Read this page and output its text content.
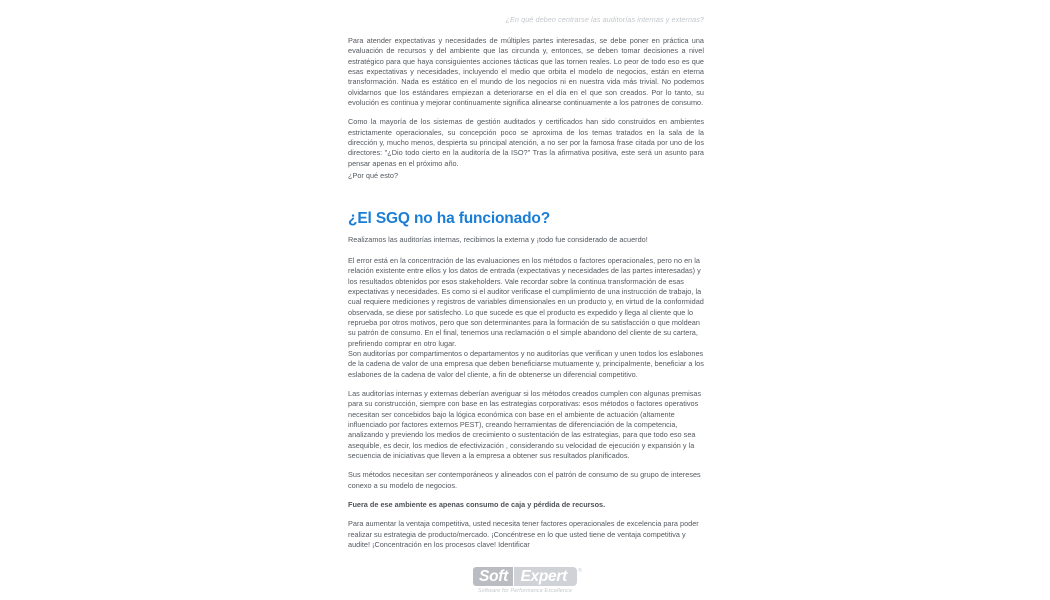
¿En qué deben centrarse las auditorías internas y externas?

Para atender expectativas y necesidades de múltiples partes interesadas, se debe poner en práctica una evaluación de recursos y del ambiente que las circunda y, entonces, se deben tomar decisiones a nivel estratégico para que haya consiguientes acciones tácticas que las tornen reales. Lo peor de todo eso es que esas expectativas y necesidades, incluyendo el medio que orbita el modelo de negocios, están en eterna transformación. Nada es estático en el mundo de los negocios ni en nuestra vida más trivial. No podemos olvidarnos que los estándares empiezan a deteriorarse en el día en el que son creados. Por lo tanto, su evolución es continua y mejorar continuamente significa alinearse continuamente a los patrones de consumo.

Como la mayoría de los sistemas de gestión auditados y certificados han sido construidos en ambientes estrictamente operacionales, su concepción poco se aproxima de los temas tratados en la sala de la dirección y, mucho menos, despierta su principal atención, a no ser por la famosa frase citada por uno de los directores: "¿Dio todo cierto en la auditoría de la ISO?" Tras la afirmativa positiva, este será un asunto para pensar apenas en el próximo año.

¿Por qué esto?

¿El SGQ no ha funcionado?

Realizamos las auditorías internas, recibimos la externa y ¡todo fue considerado de acuerdo!

El error está en la concentración de las evaluaciones en los métodos o factores operacionales, pero no en la relación existente entre ellos y los datos de entrada (expectativas y necesidades de las partes interesadas) y los resultados obtenidos por esos stakeholders. Vale recordar sobre la continua transformación de esas expectativas y necesidades. Es como si el auditor verificase el cumplimiento de una instrucción de trabajo, la cual requiere mediciones y registros de variables dimensionales en un producto y, en virtud de la conformidad observada, se diese por satisfecho. Lo que sucede es que el producto es expedido y llega al cliente que lo reprueba por otros motivos, pero que son determinantes para la formación de su satisfacción o que moldean su patrón de consumo. En el final, tenemos una reclamación o el simple abandono del cliente de su cartera, prefiriendo comprar en otro lugar.

Son auditorías por compartimentos o departamentos y no auditorías que verifican y unen todos los eslabones de la cadena de valor de una empresa que deben beneficiarse mutuamente y, principalmente, beneficiar a los eslabones de la cadena de valor del cliente, a fin de obtenerse un diferencial competitivo.

Las auditorías internas y externas deberían averiguar si los métodos creados cumplen con algunas premisas para su construcción, siempre con base en las estrategias corporativas: esos métodos o factores operativos necesitan ser concebidos bajo la lógica económica con base en el ambiente de actuación (altamente influenciado por factores externos PEST), creando herramientas de diferenciación de la competencia, analizando y previendo los medios de crecimiento o sustentación de las estrategias, para que todo eso sea asequible, es decir, los medios de efectivización , considerando su velocidad de ejecución y expansión y la secuencia de iniciativas que lleven a la empresa a obtener sus resultados planificados.

Sus métodos necesitan ser contemporáneos y alineados con el patrón de consumo de su grupo de intereses conexo a su modelo de negocios.

Fuera de ese ambiente es apenas consumo de caja y pérdida de recursos.

Para aumentar la ventaja competitiva, usted necesita tener factores operacionales de excelencia para poder realizar su estrategia de producto/mercado. ¡Concéntrese en lo que usted tiene de ventaja competitiva y audite! ¡Concentración en los procesos clave! Identificar

Soft Expert	®
Software for Performance Excellence
